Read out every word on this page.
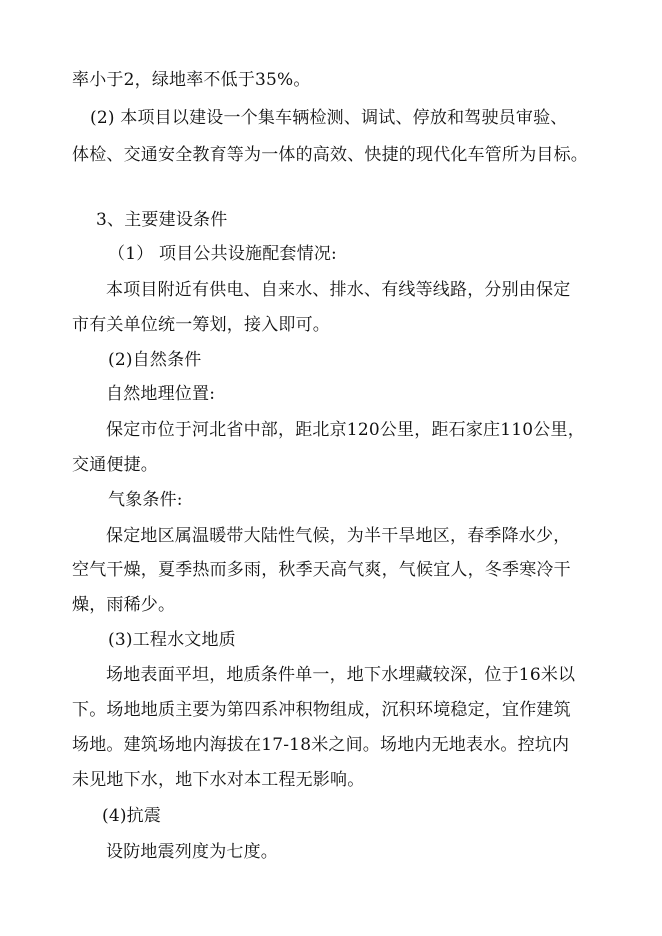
率小于2，绿地率不低于35%。
(2) 本项目以建设一个集车辆检测、调试、停放和驾驶员审验、
体检、交通安全教育等为一体的高效、快捷的现代化车管所为目标。
3、主要建设条件
（1） 项目公共设施配套情况:
本项目附近有供电、自来水、排水、有线等线路，分别由保定
市有关单位统一筹划，接入即可。
(2)自然条件
自然地理位置:
保定市位于河北省中部，距北京120公里，距石家庄110公里，
交通便捷。
气象条件:
保定地区属温暖带大陆性气候，为半干旱地区，春季降水少，
空气干燥，夏季热而多雨，秋季天高气爽，气候宜人，冬季寒冷干
燥，雨稀少。
(3)工程水文地质
场地表面平坦，地质条件单一，地下水埋藏较深，位于16米以
下。场地地质主要为第四系冲积物组成，沉积环境稳定，宜作建筑
场地。建筑场地内海拔在17-18米之间。场地内无地表水。控坑内
未见地下水，地下水对本工程无影响。
(4)抗震
设防地震列度为七度。
